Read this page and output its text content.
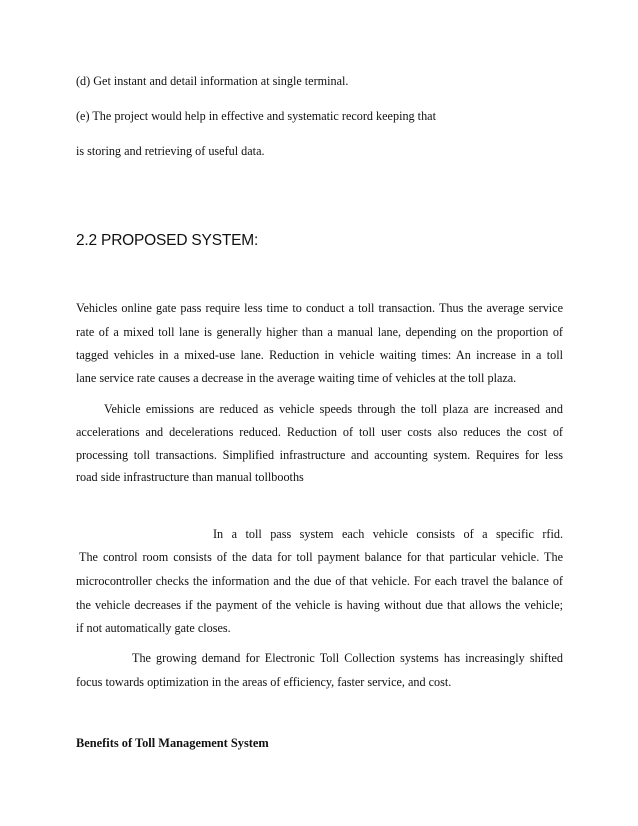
(d) Get instant and detail information at single terminal.
(e) The project would help in effective and systematic record keeping that
is storing and retrieving of useful data.
2.2 PROPOSED SYSTEM:
Vehicles online gate pass require less time to conduct a toll transaction. Thus the average service
rate of a mixed toll lane is generally higher than a manual lane, depending on the proportion of
tagged vehicles in a mixed-use lane. Reduction in vehicle waiting times: An increase in a toll
lane service rate causes a decrease in the average waiting time of vehicles at the toll plaza.
Vehicle emissions are reduced as vehicle speeds through the toll plaza are increased and
accelerations and decelerations reduced. Reduction of toll user costs also reduces the cost of
processing toll transactions. Simplified infrastructure and accounting system. Requires for less
road side infrastructure than manual tollbooths
In a toll pass system each vehicle consists of a specific rfid.
The control room consists of the data for toll payment balance for that particular vehicle. The
microcontroller checks the information and the due of that vehicle. For each travel the balance of
the vehicle decreases if the payment of the vehicle is having without due that allows the vehicle;
if not automatically gate closes.
The growing demand for Electronic Toll Collection systems has increasingly shifted
focus towards optimization in the areas of efficiency, faster service, and cost.
Benefits of Toll Management System
